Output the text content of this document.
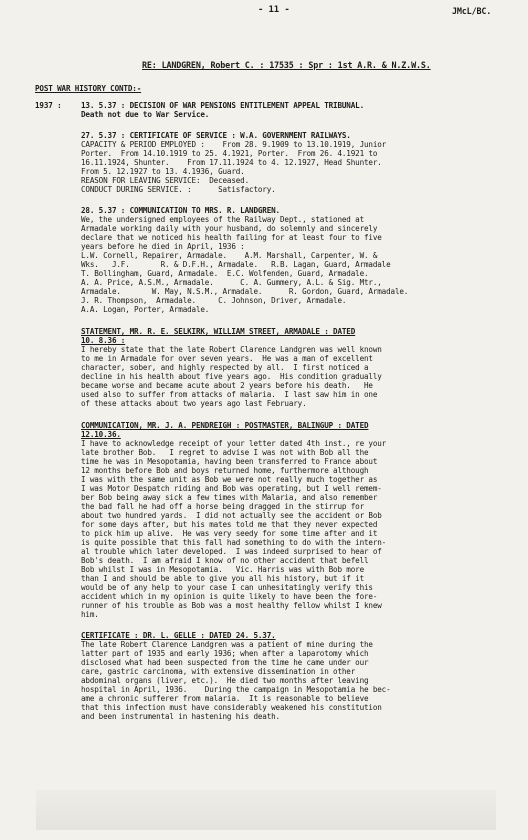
- 11 -	JMcL/BC.
RE: LANDGREN, Robert C. : 17535 : Spr : 1st A.R. & N.Z.W.S.
POST WAR HISTORY CONTD:-
1937 :	13. 5.37 : DECISION OF WAR PENSIONS ENTITLEMENT APPEAL TRIBUNAL.
Death not due to War Service.
27. 5.37 : CERTIFICATE OF SERVICE : W.A. GOVERNMENT RAILWAYS.
CAPACITY & PERIOD EMPLOYED :    From 28. 9.1909 to 13.10.1919, Junior
Porter.  From 14.10.1919 to 25. 4.1921, Porter.  From 26. 4.1921 to
16.11.1924, Shunter.    From 17.11.1924 to 4. 12.1927, Head Shunter.
From 5. 12.1927 to 13. 4.1936, Guard.
REASON FOR LEAVING SERVICE:  Deceased.
CONDUCT DURING SERVICE. :      Satisfactory.
28. 5.37 : COMMUNICATION TO MRS. R. LANDGREN.
We, the undersigned employees of the Railway Dept., stationed at
Armadale working daily with your husband, do solemnly and sincerely
declare that we noticed his health failing for at least four to five
years before he died in April, 1936 :
L.W. Cornell, Repairer, Armadale.    A.M. Marshall, Carpenter, W. &
Wks.   J.F.       R. & D.F.H., Armadale.   R.B. Lagan, Guard, Armadale
T. Bollingham, Guard, Armadale.  E.C. Wolfenden, Guard, Armadale.
A. A. Price, A.S.M., Armadale.      C. A. Gummery, A.L. & Sig. Mtr.,
Armadale.       W. May, N.S.M., Armadale.      R. Gordon, Guard, Armadale.
J. R. Thompson,  Armadale.     C. Johnson, Driver, Armadale.
A.A. Logan, Porter, Armadale.
STATEMENT, MR. R. E. SELKIRK, WILLIAM STREET, ARMADALE : DATED
10. 8.36 :
I hereby state that the late Robert Clarence Landgren was well known
to me in Armadale for over seven years.  He was a man of excellent
character, sober, and highly respected by all.  I first noticed a
decline in his health about five years ago.  His condition gradually
became worse and became acute about 2 years before his death.   He
used also to suffer from attacks of malaria.  I last saw him in one
of these attacks about two years ago last February.
COMMUNICATION, MR. J. A. PENDREIGH : POSTMASTER, BALINGUP : DATED
12.10.36.
I have to acknowledge receipt of your letter dated 4th inst., re your
late brother Bob.   I regret to advise I was not with Bob all the
time he was in Mesopotamia, having been transferred to France about
12 months before Bob and boys returned home, furthermore although
I was with the same unit as Bob we were not really much together as
I was Motor Despatch riding and Bob was operating, but I well remem-
ber Bob being away sick a few times with Malaria, and also remember
the bad fall he had off a horse being dragged in the stirrup for
about two hundred yards.  I did not actually see the accident or Bob
for some days after, but his mates told me that they never expected
to pick him up alive.  He was very seedy for some time after and it
is quite possible that this fall had something to do with the intern-
al trouble which later developed.  I was indeed surprised to hear of
Bob's death.  I am afraid I know of no other accident that befell
Bob whilst I was in Mesopotamia.   Vic. Harris was with Bob more
than I and should be able to give you all his history, but if it
would be of any help to your case I can unhesitatingly verify this
accident which in my opinion is quite likely to have been the fore-
runner of his trouble as Bob was a most healthy fellow whilst I knew
him.
CERTIFICATE : DR. L. GELLE : DATED 24. 5.37.
The late Robert Clarence Landgren was a patient of mine during the
latter part of 1935 and early 1936; when after a laparotomy which
disclosed what had been suspected from the time he came under our
care, gastric carcinoma, with extensive dissemination in other
abdominal organs (liver, etc.).  He died two months after leaving
hospital in April, 1936.    During the campaign in Mesopotamia he bec-
ame a chronic sufferer from malaria.  It is reasonable to believe
that this infection must have considerably weakened his constitution
and been instrumental in hastening his death.
